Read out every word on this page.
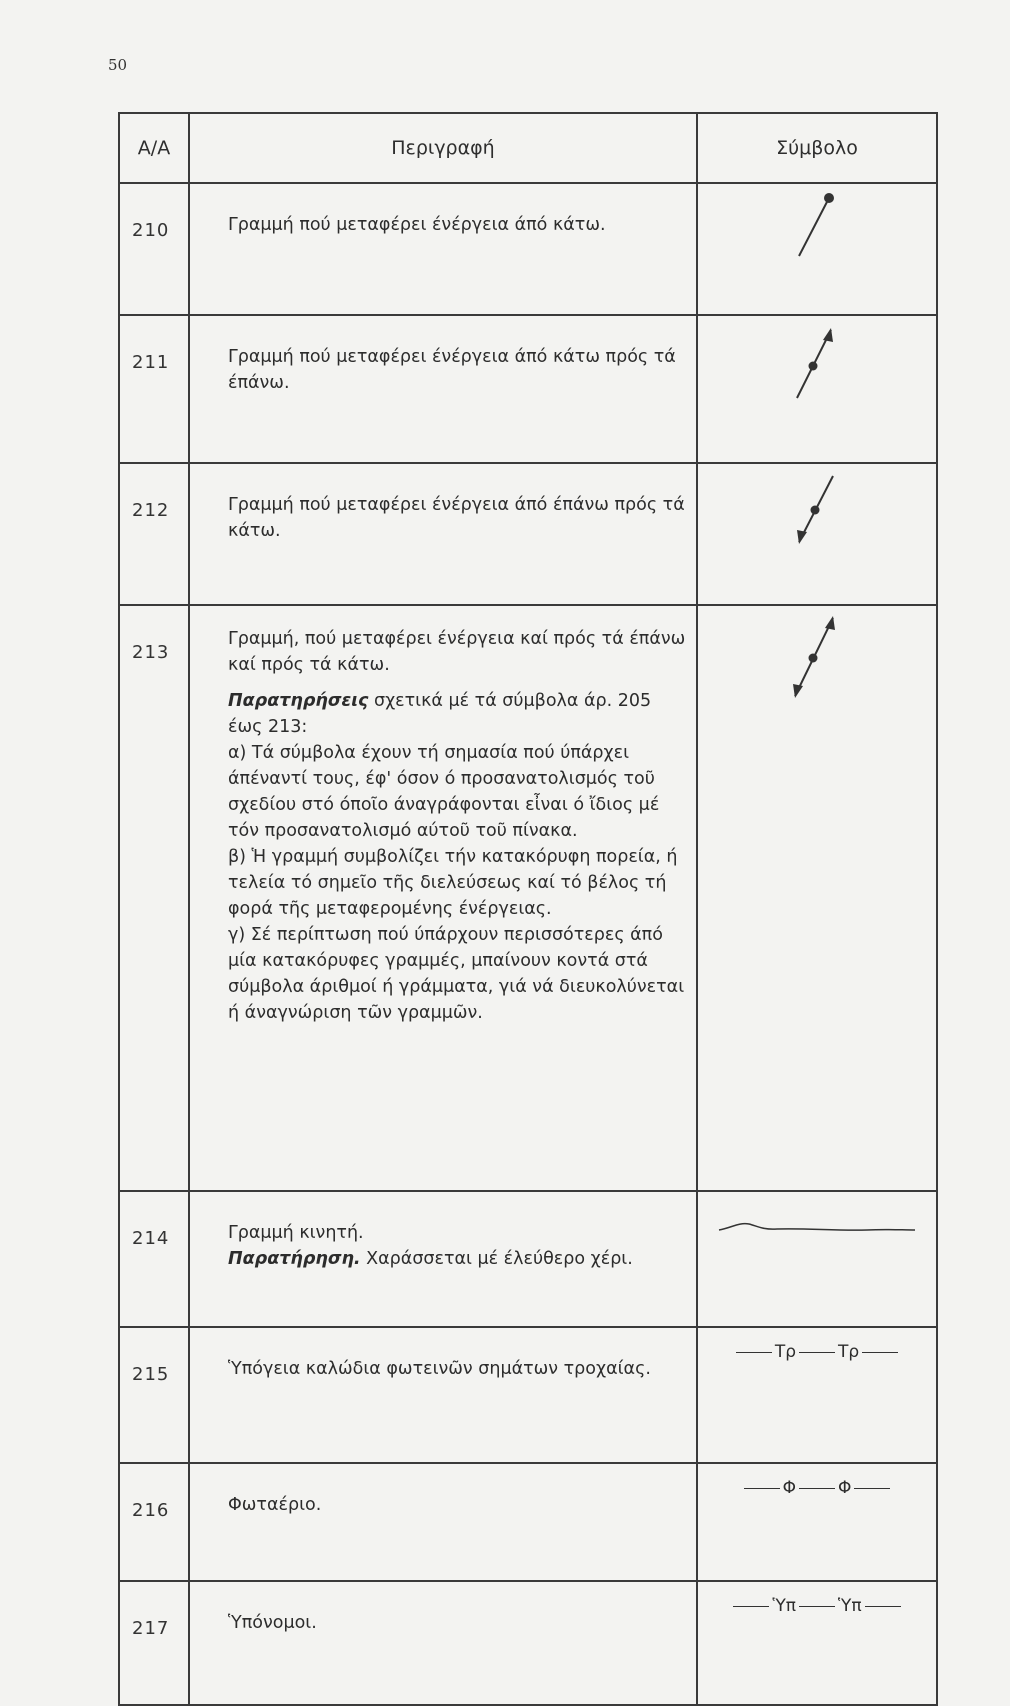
50
Α/Α	Περιγραφή	Σύμβολο
210	Γραμμή πού μεταφέρει ένέργεια άπό κάτω.

211	Γραμμή πού μεταφέρει ένέργεια άπό κάτω πρός τά έπάνω.

212	Γραμμή πού μεταφέρει ένέργεια άπό έπάνω πρός τά κάτω.

213	Γραμμή, πού μεταφέρει ένέργεια καί πρός τά έπάνω καί πρός τά κάτω.

Παρατηρήσεις σχετικά μέ τά σύμβολα άρ. 205 έως 213:

α) Τά σύμβολα έχουν τή σημασία πού ύπάρχει άπέναντί τους, έφ' όσον ό προσανατολισμός τοῦ σχεδίου στό όποῖο άναγράφονται εἶναι ό ἴδιος μέ τόν προσανατολισμό αύτοῦ τοῦ πίνακα.

β) Ἡ γραμμή συμβολίζει τήν κατακόρυφη πορεία, ή τελεία τό σημεῖο τῆς διελεύσεως καί τό βέλος τή φορά τῆς μεταφερομένης ένέργειας.

γ) Σέ περίπτωση πού ύπάρχουν περισσότερες άπό μία κατακόρυφες γραμμές, μπαίνουν κοντά στά σύμβολα άριθμοί ή γράμματα, γιά νά διευκολύνεται ή άναγνώριση τῶν γραμμῶν.

214	Γραμμή κινητή.

Παρατήρηση. Χαράσσεται μέ έλεύθερο χέρι.

215	Ὑπόγεια καλώδια φωτεινῶν σημάτων τροχαίας.	Τρ Τρ

216	Φωταέριο.	Φ Φ

217	Ὑπόνομοι.	Ὑπ Ὑπ
